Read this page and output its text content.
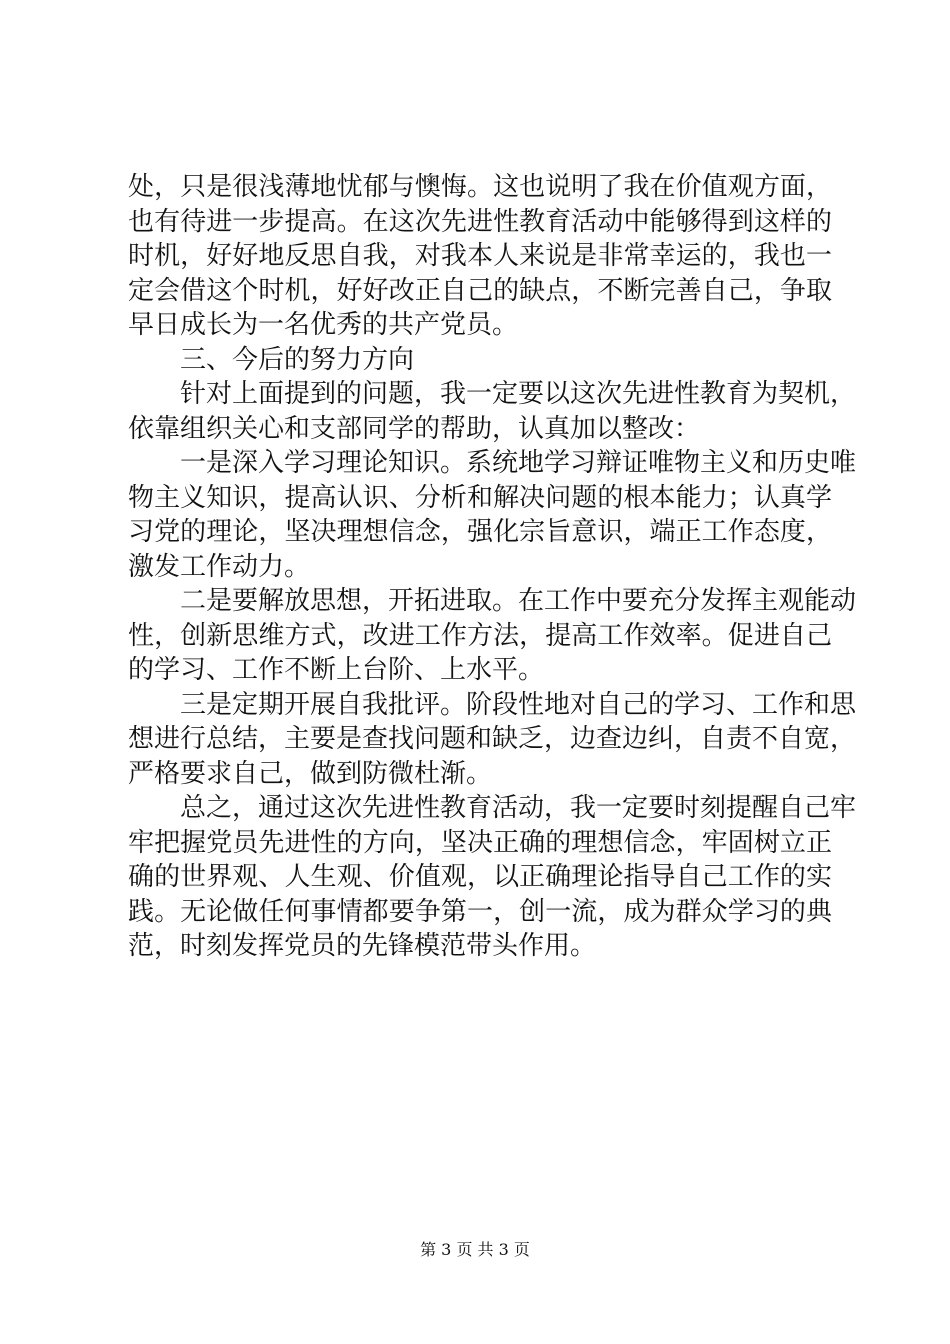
处，只是很浅薄地忧郁与懊悔。这也说明了我在价值观方面，
也有待进一步提高。在这次先进性教育活动中能够得到这样的
时机，好好地反思自我，对我本人来说是非常幸运的，我也一
定会借这个时机，好好改正自己的缺点，不断完善自己，争取
早日成长为一名优秀的共产党员。
三、今后的努力方向
针对上面提到的问题，我一定要以这次先进性教育为契机，
依靠组织关心和支部同学的帮助，认真加以整改：
一是深入学习理论知识。系统地学习辩证唯物主义和历史唯
物主义知识，提高认识、分析和解决问题的根本能力；认真学
习党的理论，坚决理想信念，强化宗旨意识，端正工作态度，
激发工作动力。
二是要解放思想，开拓进取。在工作中要充分发挥主观能动
性，创新思维方式，改进工作方法，提高工作效率。促进自己
的学习、工作不断上台阶、上水平。
三是定期开展自我批评。阶段性地对自己的学习、工作和思
想进行总结，主要是查找问题和缺乏，边查边纠，自责不自宽，
严格要求自己，做到防微杜渐。
总之，通过这次先进性教育活动，我一定要时刻提醒自己牢
牢把握党员先进性的方向，坚决正确的理想信念，牢固树立正
确的世界观、人生观、价值观，以正确理论指导自己工作的实
践。无论做任何事情都要争第一，创一流，成为群众学习的典
范，时刻发挥党员的先锋模范带头作用。
第 3 页 共 3 页
